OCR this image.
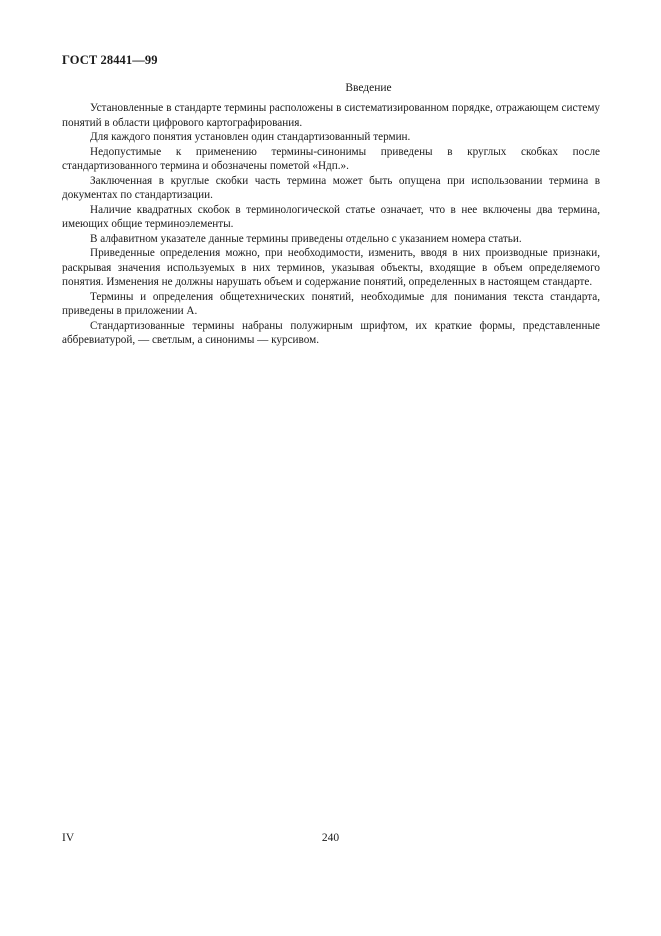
ГОСТ 28441—99
Введение

Установленные в стандарте термины расположены в систематизированном порядке, отражающем систему понятий в области цифрового картографирования.

Для каждого понятия установлен один стандартизованный термин.

Недопустимые к применению термины-синонимы приведены в круглых скобках после стандартизованного термина и обозначены пометой «Ндп.».

Заключенная в круглые скобки часть термина может быть опущена при использовании термина в документах по стандартизации.

Наличие квадратных скобок в терминологической статье означает, что в нее включены два термина, имеющих общие терминоэлементы.

В алфавитном указателе данные термины приведены отдельно с указанием номера статьи.

Приведенные определения можно, при необходимости, изменить, вводя в них производные признаки, раскрывая значения используемых в них терминов, указывая объекты, входящие в объем определяемого понятия. Изменения не должны нарушать объем и содержание понятий, определенных в настоящем стандарте.

Термины и определения общетехнических понятий, необходимые для понимания текста стандарта, приведены в приложении А.

Стандартизованные термины набраны полужирным шрифтом, их краткие формы, представленные аббревиатурой, — светлым, а синонимы — курсивом.

IV	240
